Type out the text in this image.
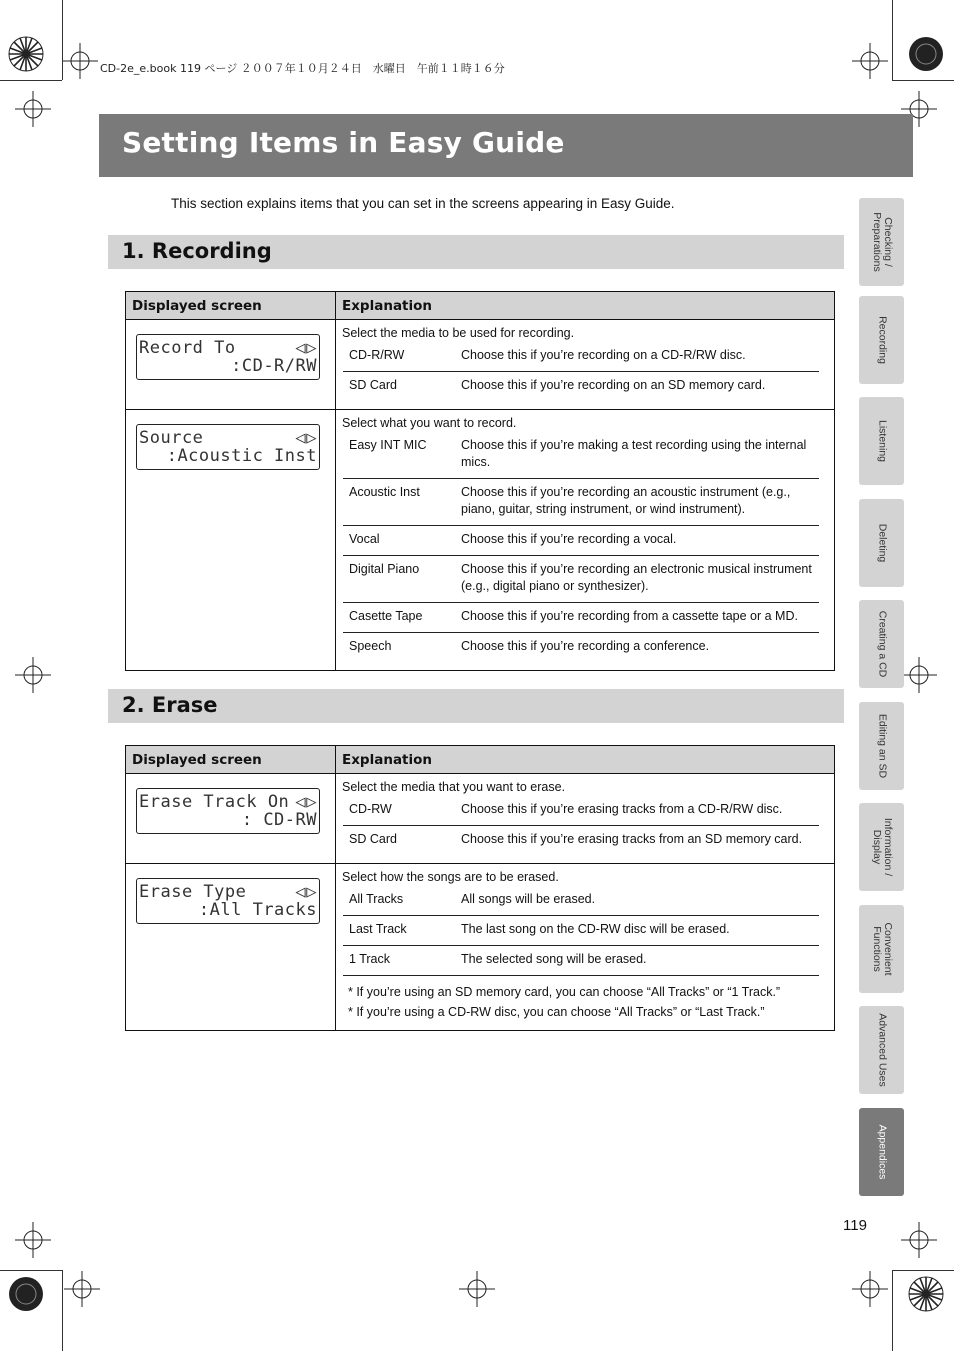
CD-2e_e.book 119 ページ ２００７年１０月２４日　水曜日　午前１１時１６分
Setting Items in Easy Guide

This section explains items that you can set in the screens appearing in Easy Guide.

1. Recording
Displayed screen	Explanation

Record To	◁▷
:CD-R/RW

Select the media to be used for recording.
CD-R/RW	Choose this if you’re recording on a CD-R/RW disc.
SD Card	Choose this if you’re recording on an SD memory card.

Source	◁▷
:Acoustic Inst

Select what you want to record.
Easy INT MIC	Choose this if you’re making a test recording using the internal mics.
Acoustic Inst	Choose this if you’re recording an acoustic instrument (e.g., piano, guitar, string instrument, or wind instrument).
Vocal	Choose this if you’re recording a vocal.
Digital Piano	Choose this if you’re recording an electronic musical instrument (e.g., digital piano or synthesizer).
Casette Tape	Choose this if you’re recording from a cassette tape or a MD.
Speech	Choose this if you’re recording a conference.
2. Erase
Displayed screen	Explanation

Erase Track On ◁▷
: CD-RW

Select the media that you want to erase.
CD-RW	Choose this if you’re erasing tracks from a CD-R/RW disc.
SD Card	Choose this if you’re erasing tracks from an SD memory card.

Erase Type	◁▷
:All Tracks

Select how the songs are to be erased.
All Tracks	All songs will be erased.
Last Track	The last song on the CD-RW disc will be erased.
1 Track	The selected song will be erased.
* If you’re using an SD memory card, you can choose “All Tracks” or “1 Track.”
* If you’re using a CD-RW disc, you can choose “All Tracks” or “Last Track.”
Checking / Preparations
Recording
Listening
Deleting
Creating a CD
Editing an SD
Information / Display
Convenient Functions
Advanced Uses
Appendices
119
